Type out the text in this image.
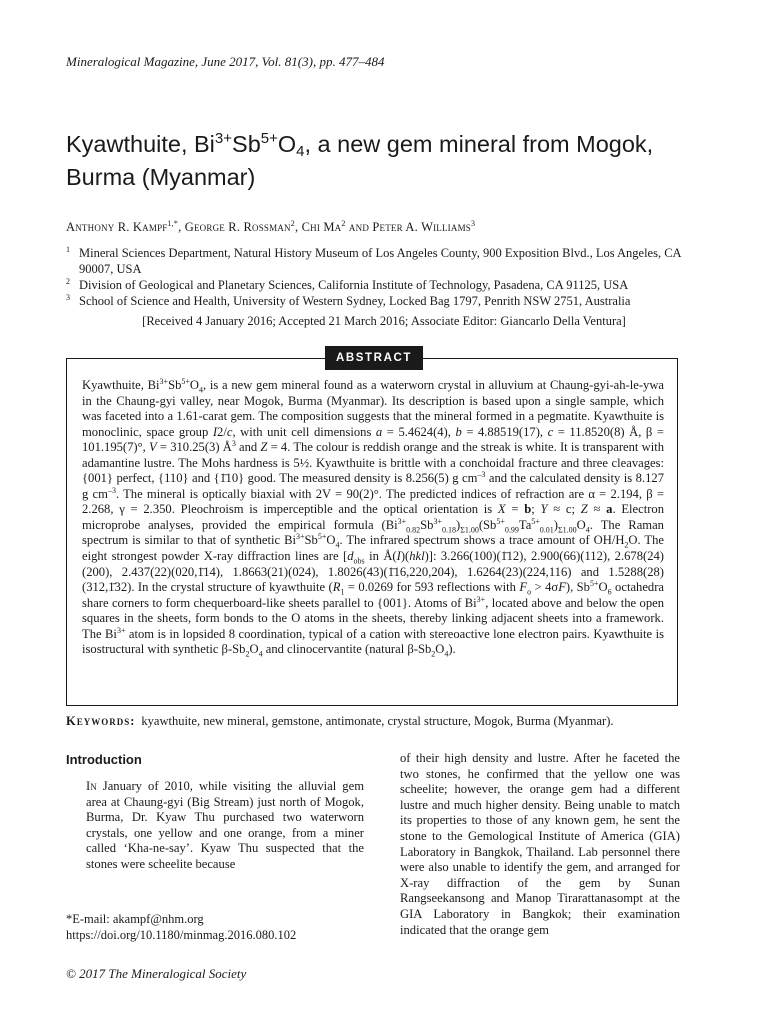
Mineralogical Magazine, June 2017, Vol. 81(3), pp. 477–484
Kyawthuite, $Bi^{3+}Sb^{5+}O_4$, a new gem mineral from Mogok,
Burma (Myanmar)
Anthony R. Kampf$^{1,*}$, George R. Rossman$^2$, Chi Ma$^2$ and Peter A. Williams$^3$
1 Mineral Sciences Department, Natural History Museum of Los Angeles County, 900 Exposition Blvd., Los Angeles, CA 90007, USA
2 Division of Geological and Planetary Sciences, California Institute of Technology, Pasadena, CA 91125, USA
3 School of Science and Health, University of Western Sydney, Locked Bag 1797, Penrith NSW 2751, Australia
[Received 4 January 2016; Accepted 21 March 2016; Associate Editor: Giancarlo Della Ventura]
ABSTRACT
Kyawthuite, $Bi^{3+}Sb^{5+}O_4$, is a new gem mineral found as a waterworn crystal in alluvium at Chaung-gyi-ah-le-ywa in the Chaung-gyi valley, near Mogok, Burma (Myanmar). Its description is based upon a single sample, which was faceted into a 1.61-carat gem. The composition suggests that the mineral formed in a pegmatite. Kyawthuite is monoclinic, space group I2/c, with unit cell dimensions a = 5.4624(4), b = 4.88519(17), c = 11.8520(8) Å, β = 101.195(7)°, V = 310.25(3) $Å^3$ and Z = 4. The colour is reddish orange and the streak is white. It is transparent with adamantine lustre. The Mohs hardness is 5½. Kyawthuite is brittle with a conchoidal fracture and three cleavages: {001} perfect, {110} and {1̄10} good. The measured density is 8.256(5) g $cm^{-3}$ and the calculated density is 8.127 g $cm^{-3}$. The mineral is optically biaxial with 2V = 90(2)°. The predicted indices of refraction are α = 2.194, β = 2.268, γ = 2.350. Pleochroism is imperceptible and the optical orientation is X = b; Y ≈ c; Z ≈ a. Electron microprobe analyses, provided the empirical formula $(Bi^{3+}_{0.82}Sb^{3+}_{0.18})_{\Sigma 1.00}(Sb^{5+}_{0.99}Ta^{5+}_{0.01})_{\Sigma 1.00}O_4$. The Raman spectrum is similar to that of synthetic $Bi^{3+}Sb^{5+}O_4$. The infrared spectrum shows a trace amount of $OH/H_2O$. The eight strongest powder X-ray diffraction lines are [$d_{obs}$ in Å(I)(hkl)]: 3.266(100)(1̄12), 2.900(66)(112), 2.678(24) (200), 2.437(22)(020,1̄14), 1.8663(21)(024), 1.8026(43)(1̄16,220,204), 1.6264(23)(224,116) and 1.5288(28)(312,1̄32). In the crystal structure of kyawthuite ($R_1 = 0.0269$ for 593 reflections with $F_o > 4\sigma F$), $Sb^{5+}O_6$ octahedra share corners to form chequerboard-like sheets parallel to {001}. Atoms of $Bi^{3+}$, located above and below the open squares in the sheets, form bonds to the O atoms in the sheets, thereby linking adjacent sheets into a framework. The $Bi^{3+}$ atom is in lopsided 8 coordination, typical of a cation with stereoactive lone electron pairs. Kyawthuite is isostructural with synthetic $\beta-Sb_2O_4$ and clinocervantite (natural $\beta-Sb_2O_4$).
Keywords: kyawthuite, new mineral, gemstone, antimonate, crystal structure, Mogok, Burma (Myanmar).
Introduction
In January of 2010, while visiting the alluvial gem area at Chaung-gyi (Big Stream) just north of Mogok, Burma, Dr. Kyaw Thu purchased two waterworn crystals, one yellow and one orange, from a miner called ‘Kha-ne-say’. Kyaw Thu suspected that the stones were scheelite because
*E-mail: akampf@nhm.org
https://doi.org/10.1180/minmag.2016.080.102
of their high density and lustre. After he faceted the two stones, he confirmed that the yellow one was scheelite; however, the orange gem had a different lustre and much higher density. Being unable to match its properties to those of any known gem, he sent the stone to the Gemological Institute of America (GIA) Laboratory in Bangkok, Thailand. Lab personnel there were also unable to identify the gem, and arranged for X-ray diffraction of the gem by Sunan Rangseekansong and Manop Tirarattanasompt at the GIA Laboratory in Bangkok; their examination indicated that the orange gem
© 2017 The Mineralogical Society
